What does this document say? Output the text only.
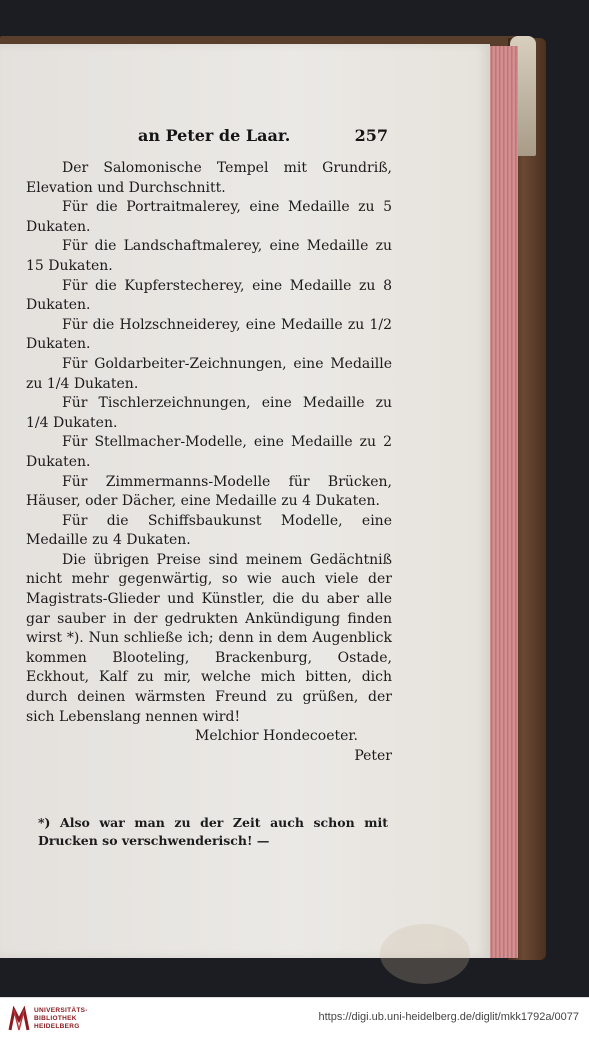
an Peter de Laar.	257

Der Salomonische Tempel mit Grundriß, Elevation und Durchschnitt.

Für die Portraitmalerey, eine Medaille zu 5 Dukaten.

Für die Landschaftmalerey, eine Medaille zu 15 Dukaten.

Für die Kupferstecherey, eine Medaille zu 8 Dukaten.

Für die Holzschneiderey, eine Medaille zu 1/2 Dukaten.

Für Goldarbeiter-Zeichnungen, eine Medaille zu 1/4 Dukaten.

Für Tischlerzeichnungen, eine Medaille zu 1/4 Dukaten.

Für Stellmacher-Modelle, eine Medaille zu 2 Dukaten.

Für Zimmermanns-Modelle für Brücken, Häuser, oder Dächer, eine Medaille zu 4 Dukaten.

Für die Schiffsbaukunst Modelle, eine Medaille zu 4 Dukaten.

Die übrigen Preise sind meinem Gedächtniß nicht mehr gegenwärtig, so wie auch viele der Magistrats-Glieder und Künstler, die du aber alle gar sauber in der gedrukten Ankündigung finden wirst *). Nun schließe ich; denn in dem Augenblick kommen Blooteling, Brackenburg, Ostade, Eckhout, Kalf zu mir, welche mich bitten, dich durch deinen wärmsten Freund zu grüßen, der sich Lebenslang nennen wird!

Melchior Hondecoeter.

Peter

*) Also war man zu der Zeit auch schon mit Drucken so verschwenderisch! —
UNIVERSITÄTS-
BIBLIOTHEK
HEIDELBERG
https://digi.ub.uni-heidelberg.de/diglit/mkk1792a/0077
